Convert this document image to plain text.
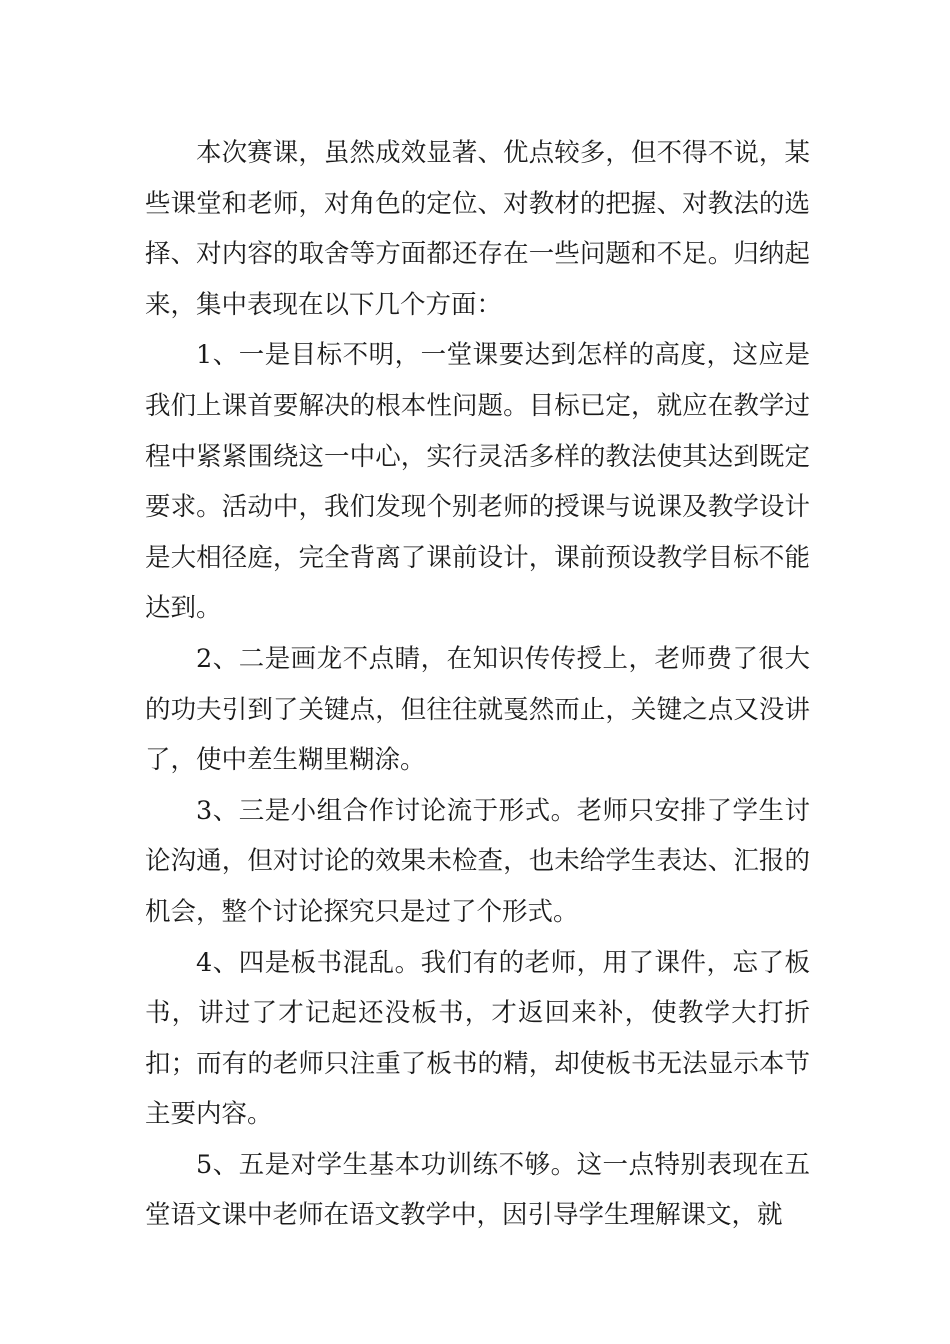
本次赛课，虽然成效显著、优点较多，但不得不说，某些课堂和老师，对角色的定位、对教材的把握、对教法的选择、对内容的取舍等方面都还存在一些问题和不足。归纳起来，集中表现在以下几个方面：

1、一是目标不明，一堂课要达到怎样的高度，这应是我们上课首要解决的根本性问题。目标已定，就应在教学过程中紧紧围绕这一中心，实行灵活多样的教法使其达到既定要求。活动中，我们发现个别老师的授课与说课及教学设计是大相径庭，完全背离了课前设计，课前预设教学目标不能达到。

2、二是画龙不点睛，在知识传传授上，老师费了很大的功夫引到了关键点，但往往就戛然而止，关键之点又没讲了，使中差生糊里糊涂。

3、三是小组合作讨论流于形式。老师只安排了学生讨论沟通，但对讨论的效果未检查，也未给学生表达、汇报的机会，整个讨论探究只是过了个形式。

4、四是板书混乱。我们有的老师，用了课件，忘了板书，讲过了才记起还没板书，才返回来补，使教学大打折扣；而有的老师只注重了板书的精，却使板书无法显示本节主要内容。

5、五是对学生基本功训练不够。这一点特别表现在五堂语文课中老师在语文教学中，因引导学生理解课文，就
